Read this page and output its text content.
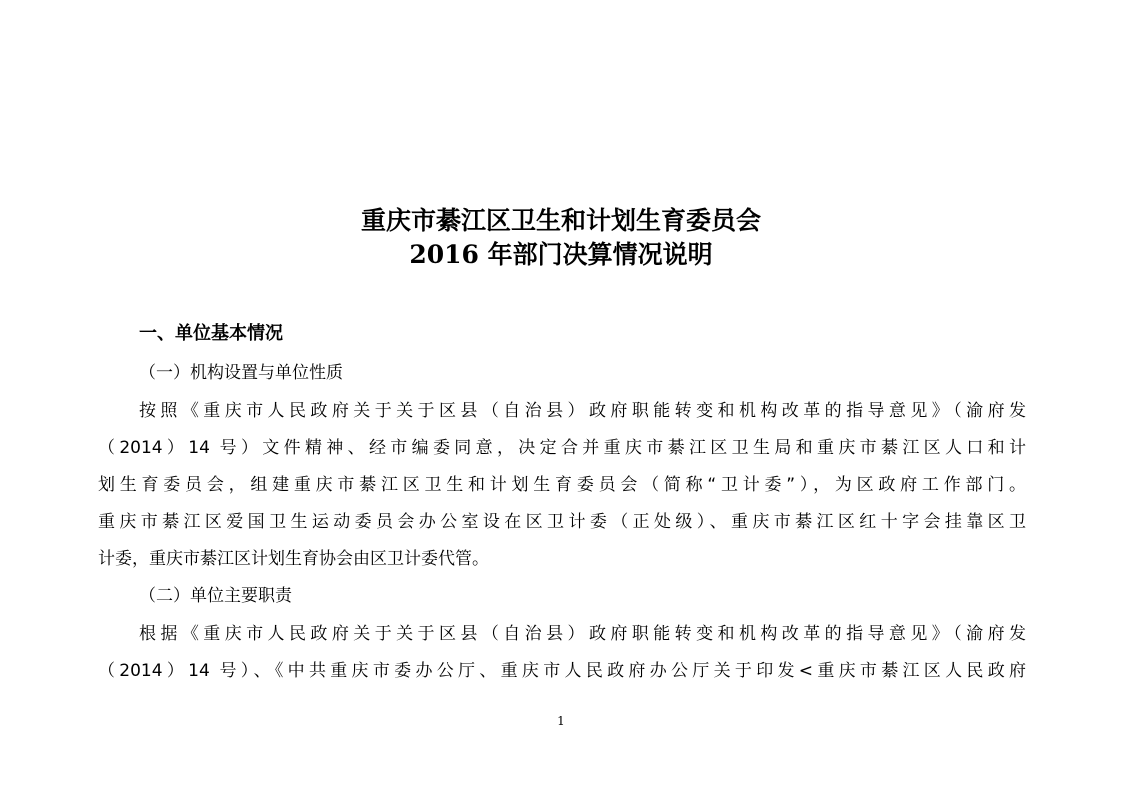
重庆市綦江区卫生和计划生育委员会
2016 年部门决算情况说明
一、单位基本情况
（一）机构设置与单位性质
按照《重庆市人民政府关于关于区县（自治县）政府职能转变和机构改革的指导意见》（渝府发
（2014）14 号）文件精神、经市编委同意，决定合并重庆市綦江区卫生局和重庆市綦江区人口和计
划生育委员会，组建重庆市綦江区卫生和计划生育委员会（简称“卫计委”），为区政府工作部门。
重庆市綦江区爱国卫生运动委员会办公室设在区卫计委（正处级）、重庆市綦江区红十字会挂靠区卫
计委，重庆市綦江区计划生育协会由区卫计委代管。
（二）单位主要职责
根据《重庆市人民政府关于关于区县（自治县）政府职能转变和机构改革的指导意见》（渝府发
（2014）14 号）、《中共重庆市委办公厅、重庆市人民政府办公厅关于印发<重庆市綦江区人民政府
1
